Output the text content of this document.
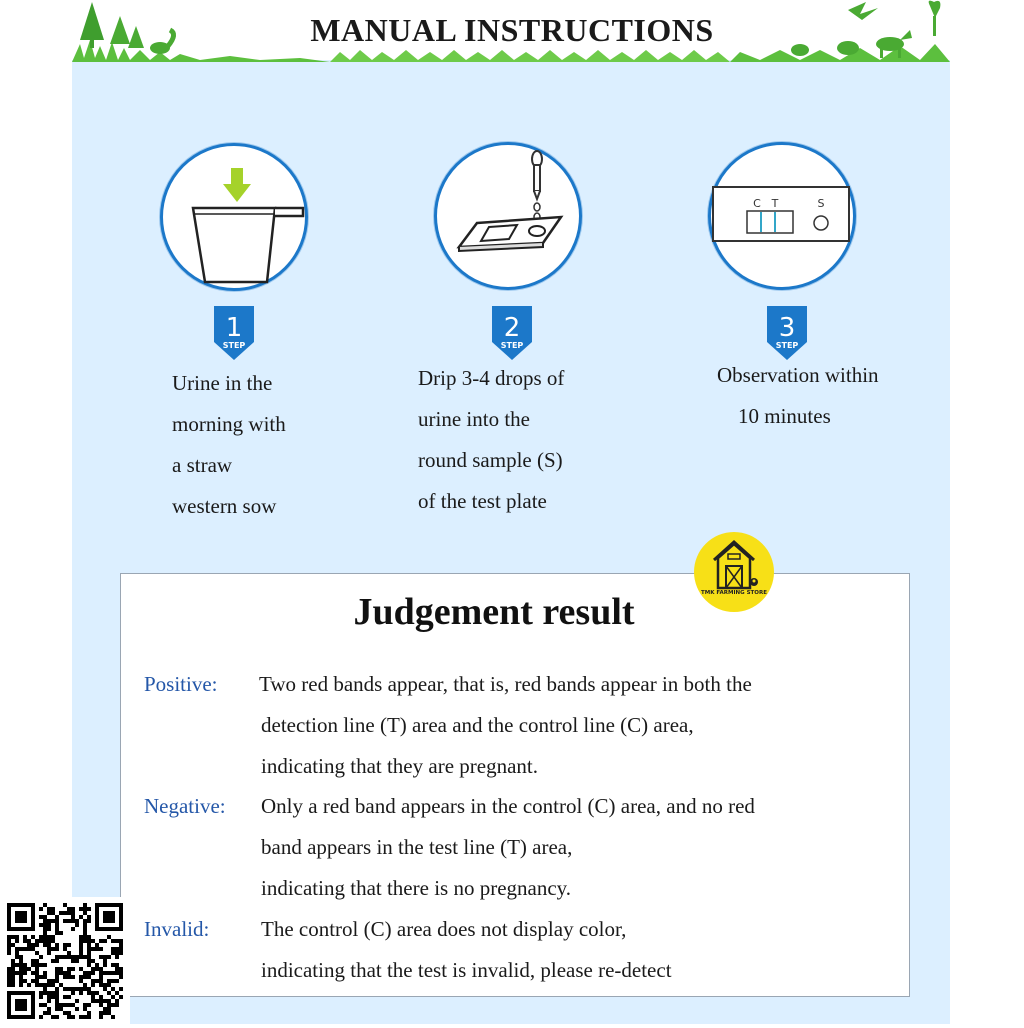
MANUAL INSTRUCTIONS
1
STEP
Urine in the
morning with
a straw
western sow
2
STEP
Drip 3-4 drops of
urine into the
round sample (S)
of the test plate
C T	S
3
STEP
Observation within
10 minutes
Judgement result
Positive: Two red bands appear, that is, red bands appear in both the
detection line (T) area and the control line (C) area,
indicating that they are pregnant.
Negative: Only a red band appears in the control (C) area, and no red
band appears in the test line (T) area,
indicating that there is no pregnancy.
Invalid: The control (C) area does not display color,
indicating that the test is invalid, please re-detect
TMK FARMING STORE
